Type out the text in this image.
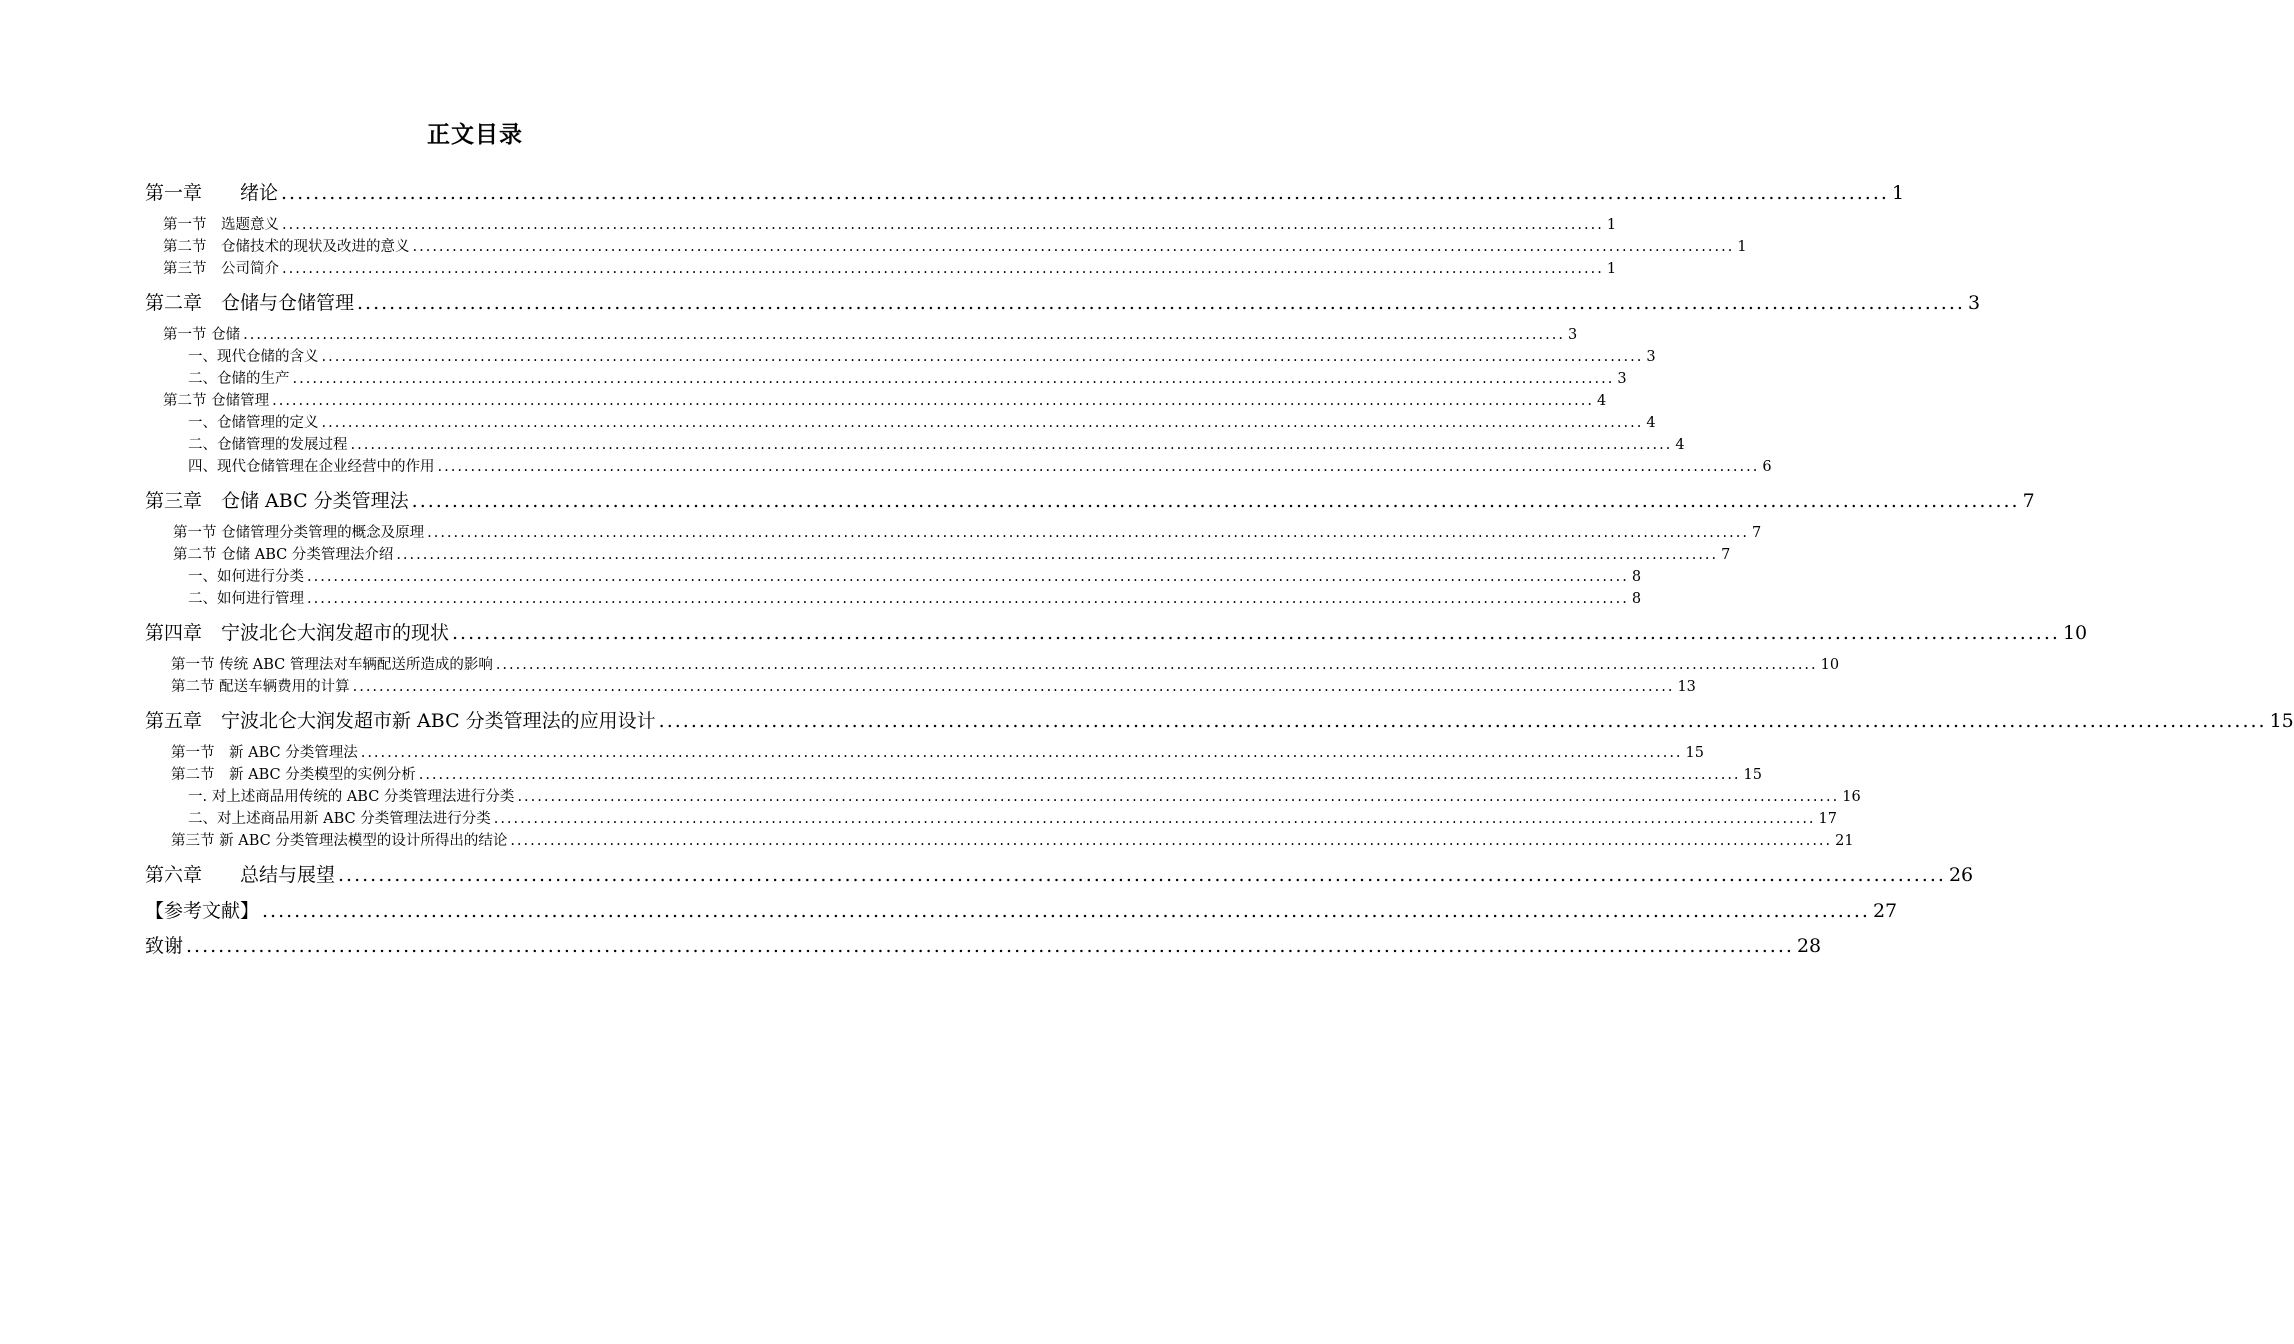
正文目录
第一章　　绪论 ........................................................................................................................................................................................................ 1
第一节　选题意义 ........................................................................................................................................................................................................ 1
第二节　仓储技术的现状及改进的意义 ........................................................................................................................................................................................................ 1
第三节　公司简介 ........................................................................................................................................................................................................ 1
第二章　仓储与仓储管理 ........................................................................................................................................................................................................ 3
第一节 仓储 ........................................................................................................................................................................................................ 3
一、现代仓储的含义 ........................................................................................................................................................................................................ 3
二、仓储的生产 ........................................................................................................................................................................................................ 3
第二节 仓储管理 ........................................................................................................................................................................................................ 4
一、仓储管理的定义 ........................................................................................................................................................................................................ 4
二、仓储管理的发展过程 ........................................................................................................................................................................................................ 4
四、现代仓储管理在企业经营中的作用 ........................................................................................................................................................................................................ 6
第三章　仓储 ABC 分类管理法 ........................................................................................................................................................................................................ 7
第一节 仓储管理分类管理的概念及原理 ........................................................................................................................................................................................................ 7
第二节 仓储 ABC 分类管理法介绍 ........................................................................................................................................................................................................ 7
一、如何进行分类 ........................................................................................................................................................................................................ 8
二、如何进行管理 ........................................................................................................................................................................................................ 8
第四章　宁波北仑大润发超市的现状 ........................................................................................................................................................................................................ 10
第一节 传统 ABC 管理法对车辆配送所造成的影响 ........................................................................................................................................................................................................ 10
第二节 配送车辆费用的计算 ........................................................................................................................................................................................................ 13
第五章　宁波北仑大润发超市新 ABC 分类管理法的应用设计 ........................................................................................................................................................................................................ 15
第一节　新 ABC 分类管理法 ........................................................................................................................................................................................................ 15
第二节　新 ABC 分类模型的实例分析 ........................................................................................................................................................................................................ 15
一. 对上述商品用传统的 ABC 分类管理法进行分类 ........................................................................................................................................................................................................ 16
二、对上述商品用新 ABC 分类管理法进行分类 ........................................................................................................................................................................................................ 17
第三节 新 ABC 分类管理法模型的设计所得出的结论 ........................................................................................................................................................................................................ 21
第六章　　总结与展望 ........................................................................................................................................................................................................ 26
【参考文献】 ........................................................................................................................................................................................................ 27
致谢 ........................................................................................................................................................................................................ 28
